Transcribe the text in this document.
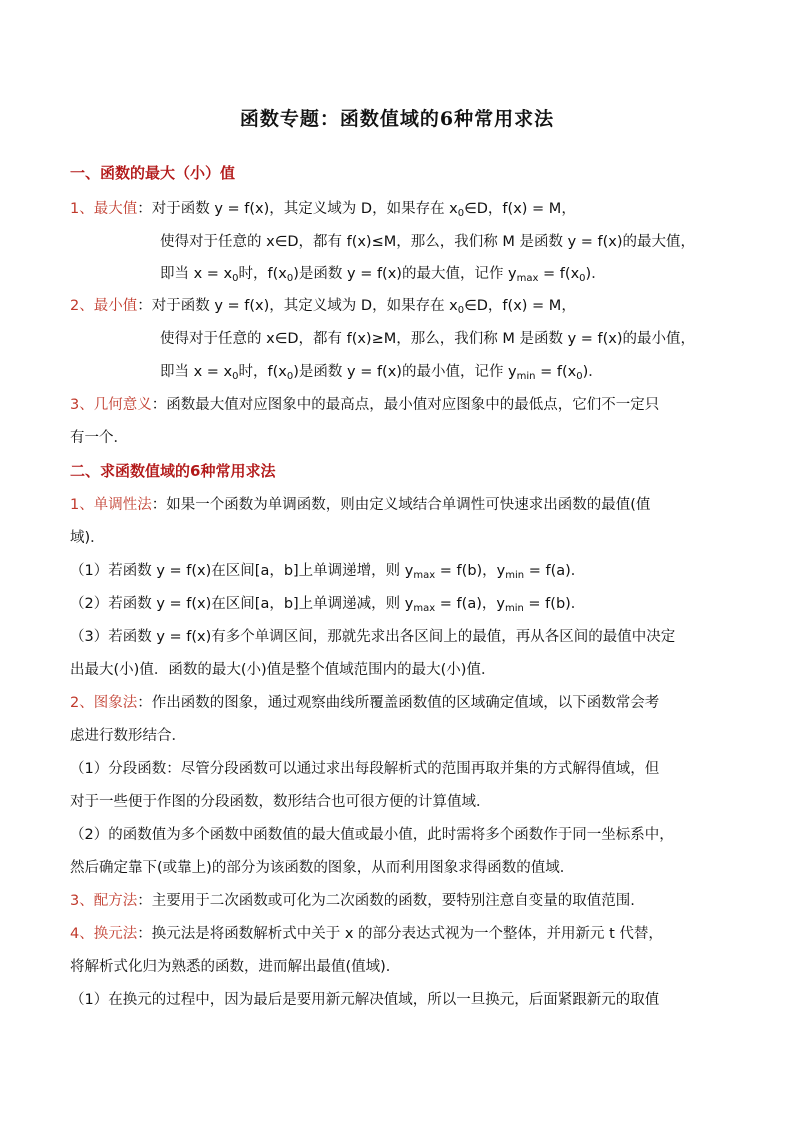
函数专题：函数值域的6种常用求法
一、函数的最大（小）值
1、最大值：对于函数 y = f(x)，其定义域为 D，如果存在 $x_0\in D$，f(x) = M，
使得对于任意的 x∈D，都有 f(x)≤M，那么，我们称 M 是函数 y = f(x)的最大值，
即当 $x = x_0$时，$f(x_0)$是函数 y = f(x)的最大值，记作 $y_{max} = f(x_0)$．
2、最小值：对于函数 y = f(x)，其定义域为 D，如果存在 $x_0\in D$，f(x) = M，
使得对于任意的 x∈D，都有 f(x)≥M，那么，我们称 M 是函数 y = f(x)的最小值，
即当 $x = x_0$时，$f(x_0)$是函数 y = f(x)的最小值，记作 $y_{min} = f(x_0)$．
3、几何意义：函数最大值对应图象中的最高点，最小值对应图象中的最低点，它们不一定只
有一个．
二、求函数值域的6种常用求法
1、单调性法：如果一个函数为单调函数，则由定义域结合单调性可快速求出函数的最值(值
域)．
（1）若函数 y = f(x)在区间[a，b]上单调递增，则 $y_{max} = f(b)$，$y_{min} = f(a)$．
（2）若函数 y = f(x)在区间[a，b]上单调递减，则 $y_{max} = f(a)$，$y_{min} = f(b)$．
（3）若函数 y = f(x)有多个单调区间，那就先求出各区间上的最值，再从各区间的最值中决定
出最大(小)值．函数的最大(小)值是整个值域范围内的最大(小)值．
2、图象法：作出函数的图象，通过观察曲线所覆盖函数值的区域确定值域，以下函数常会考
虑进行数形结合．
（1）分段函数：尽管分段函数可以通过求出每段解析式的范围再取并集的方式解得值域，但
对于一些便于作图的分段函数，数形结合也可很方便的计算值域．
（2）的函数值为多个函数中函数值的最大值或最小值，此时需将多个函数作于同一坐标系中，
然后确定靠下(或靠上)的部分为该函数的图象，从而利用图象求得函数的值域．
3、配方法：主要用于二次函数或可化为二次函数的函数，要特别注意自变量的取值范围.
4、换元法：换元法是将函数解析式中关于 x 的部分表达式视为一个整体，并用新元 t 代替，
将解析式化归为熟悉的函数，进而解出最值(值域)．
（1）在换元的过程中，因为最后是要用新元解决值域，所以一旦换元，后面紧跟新元的取值
